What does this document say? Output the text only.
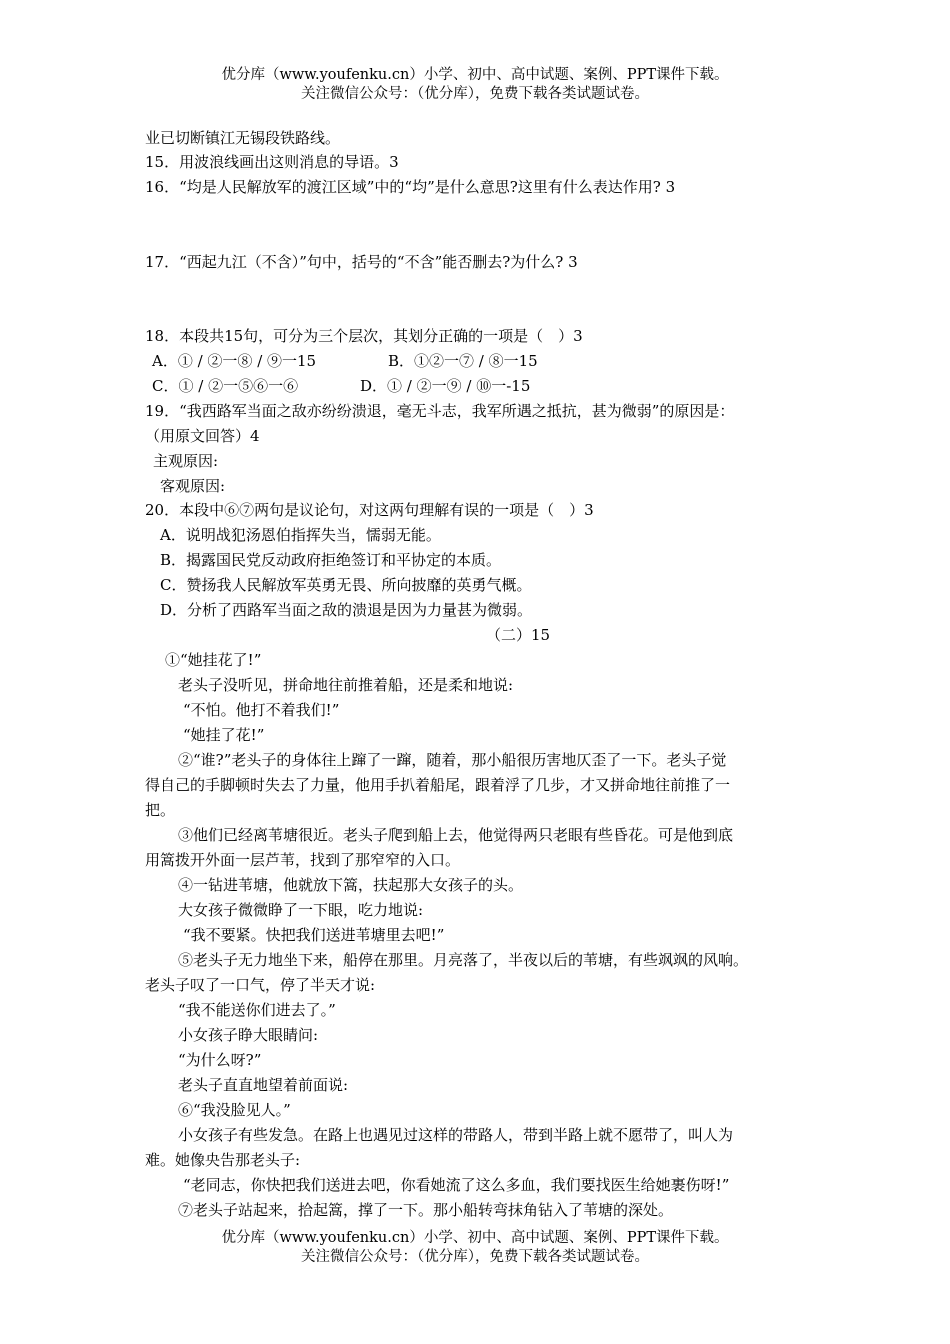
优分库（www.youfenku.cn）小学、初中、高中试题、案例、PPT课件下载。
关注微信公众号：（优分库），免费下载各类试题试卷。
业已切断镇江无锡段铁路线。
15．用波浪线画出这则消息的导语。3
16．“均是人民解放军的渡江区域”中的“均”是什么意思?这里有什么表达作用? 3
17．“西起九江（不含）”句中，括号的“不含”能否删去?为什么? 3
18．本段共15句，可分为三个层次，其划分正确的一项是（　）3
A．① / ②一⑧ / ⑨一15	B．①②一⑦ / ⑧一15
C．① / ②一⑤⑥一⑥	D．① / ②一⑨ / ⑩一-15
19．“我西路军当面之敌亦纷纷溃退，毫无斗志，我军所遇之抵抗，甚为微弱”的原因是：
（用原文回答）4
主观原因:
客观原因:
20．本段中⑥⑦两句是议论句，对这两句理解有误的一项是（　）3
A．说明战犯汤恩伯指挥失当，懦弱无能。
B．揭露国民党反动政府拒绝签订和平协定的本质。
C．赞扬我人民解放军英勇无畏、所向披靡的英勇气概。
D．分析了西路军当面之敌的溃退是因为力量甚为微弱。
（二）15
①“她挂花了!”
老头子没听见，拼命地往前推着船，还是柔和地说:
“不怕。他打不着我们!”
“她挂了花!”
②“谁?”老头子的身体往上蹿了一蹿，随着，那小船很历害地仄歪了一下。老头子觉
得自己的手脚顿时失去了力量，他用手扒着船尾，跟着浮了几步，才又拼命地往前推了一
把。
③他们已经离苇塘很近。老头子爬到船上去，他觉得两只老眼有些昏花。可是他到底
用篙拨开外面一层芦苇，找到了那窄窄的入口。
④一钻进苇塘，他就放下篙，扶起那大女孩子的头。
大女孩子微微睁了一下眼，吃力地说:
“我不要紧。快把我们送进苇塘里去吧!”
⑤老头子无力地坐下来，船停在那里。月亮落了，半夜以后的苇塘，有些飒飒的风响。
老头子叹了一口气，停了半天才说:
“我不能送你们进去了。”
小女孩子睁大眼睛问:
“为什么呀?”
老头子直直地望着前面说:
⑥“我没脸见人。”
小女孩子有些发急。在路上也遇见过这样的带路人，带到半路上就不愿带了，叫人为
难。她像央告那老头子:
“老同志，你快把我们送进去吧，你看她流了这么多血，我们要找医生给她裹伤呀!”
⑦老头子站起来，拾起篙，撑了一下。那小船转弯抹角钻入了苇塘的深处。
优分库（www.youfenku.cn）小学、初中、高中试题、案例、PPT课件下载。
关注微信公众号：（优分库），免费下载各类试题试卷。
